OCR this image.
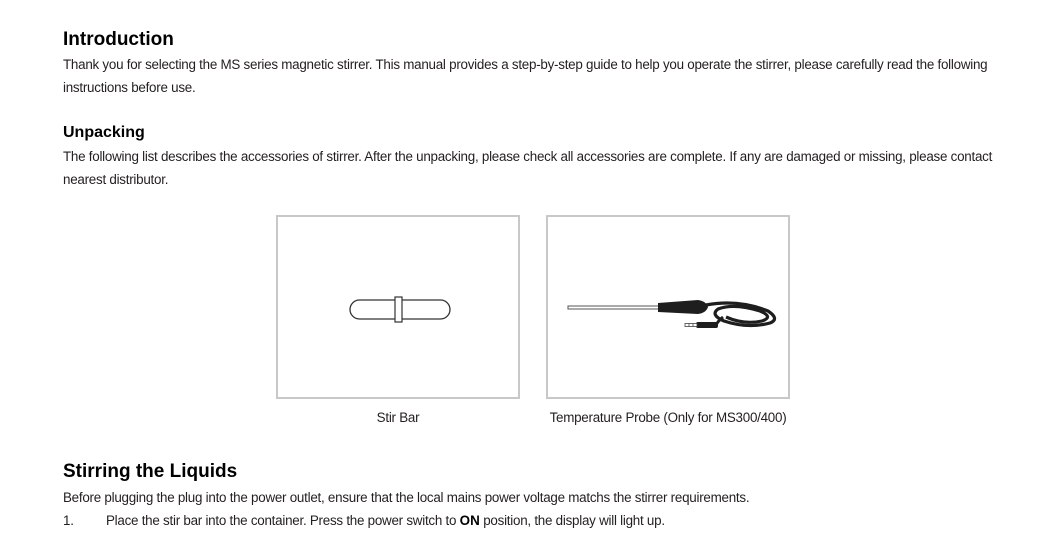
Introduction

Thank you for selecting the MS series magnetic stirrer. This manual provides a step-by-step guide to help you operate the stirrer, please carefully read the following instructions before use.

Unpacking

The following list describes the accessories of stirrer. After the unpacking, please check all accessories are complete. If any are damaged or missing, please contact nearest distributor.

Stir Bar	Temperature Probe (Only for MS300/400)
Stirring the Liquids

Before plugging the plug into the power outlet, ensure that the local mains power voltage matchs the stirrer requirements.

1. Place the stir bar into the container. Press the power switch to ON position, the display will light up.
